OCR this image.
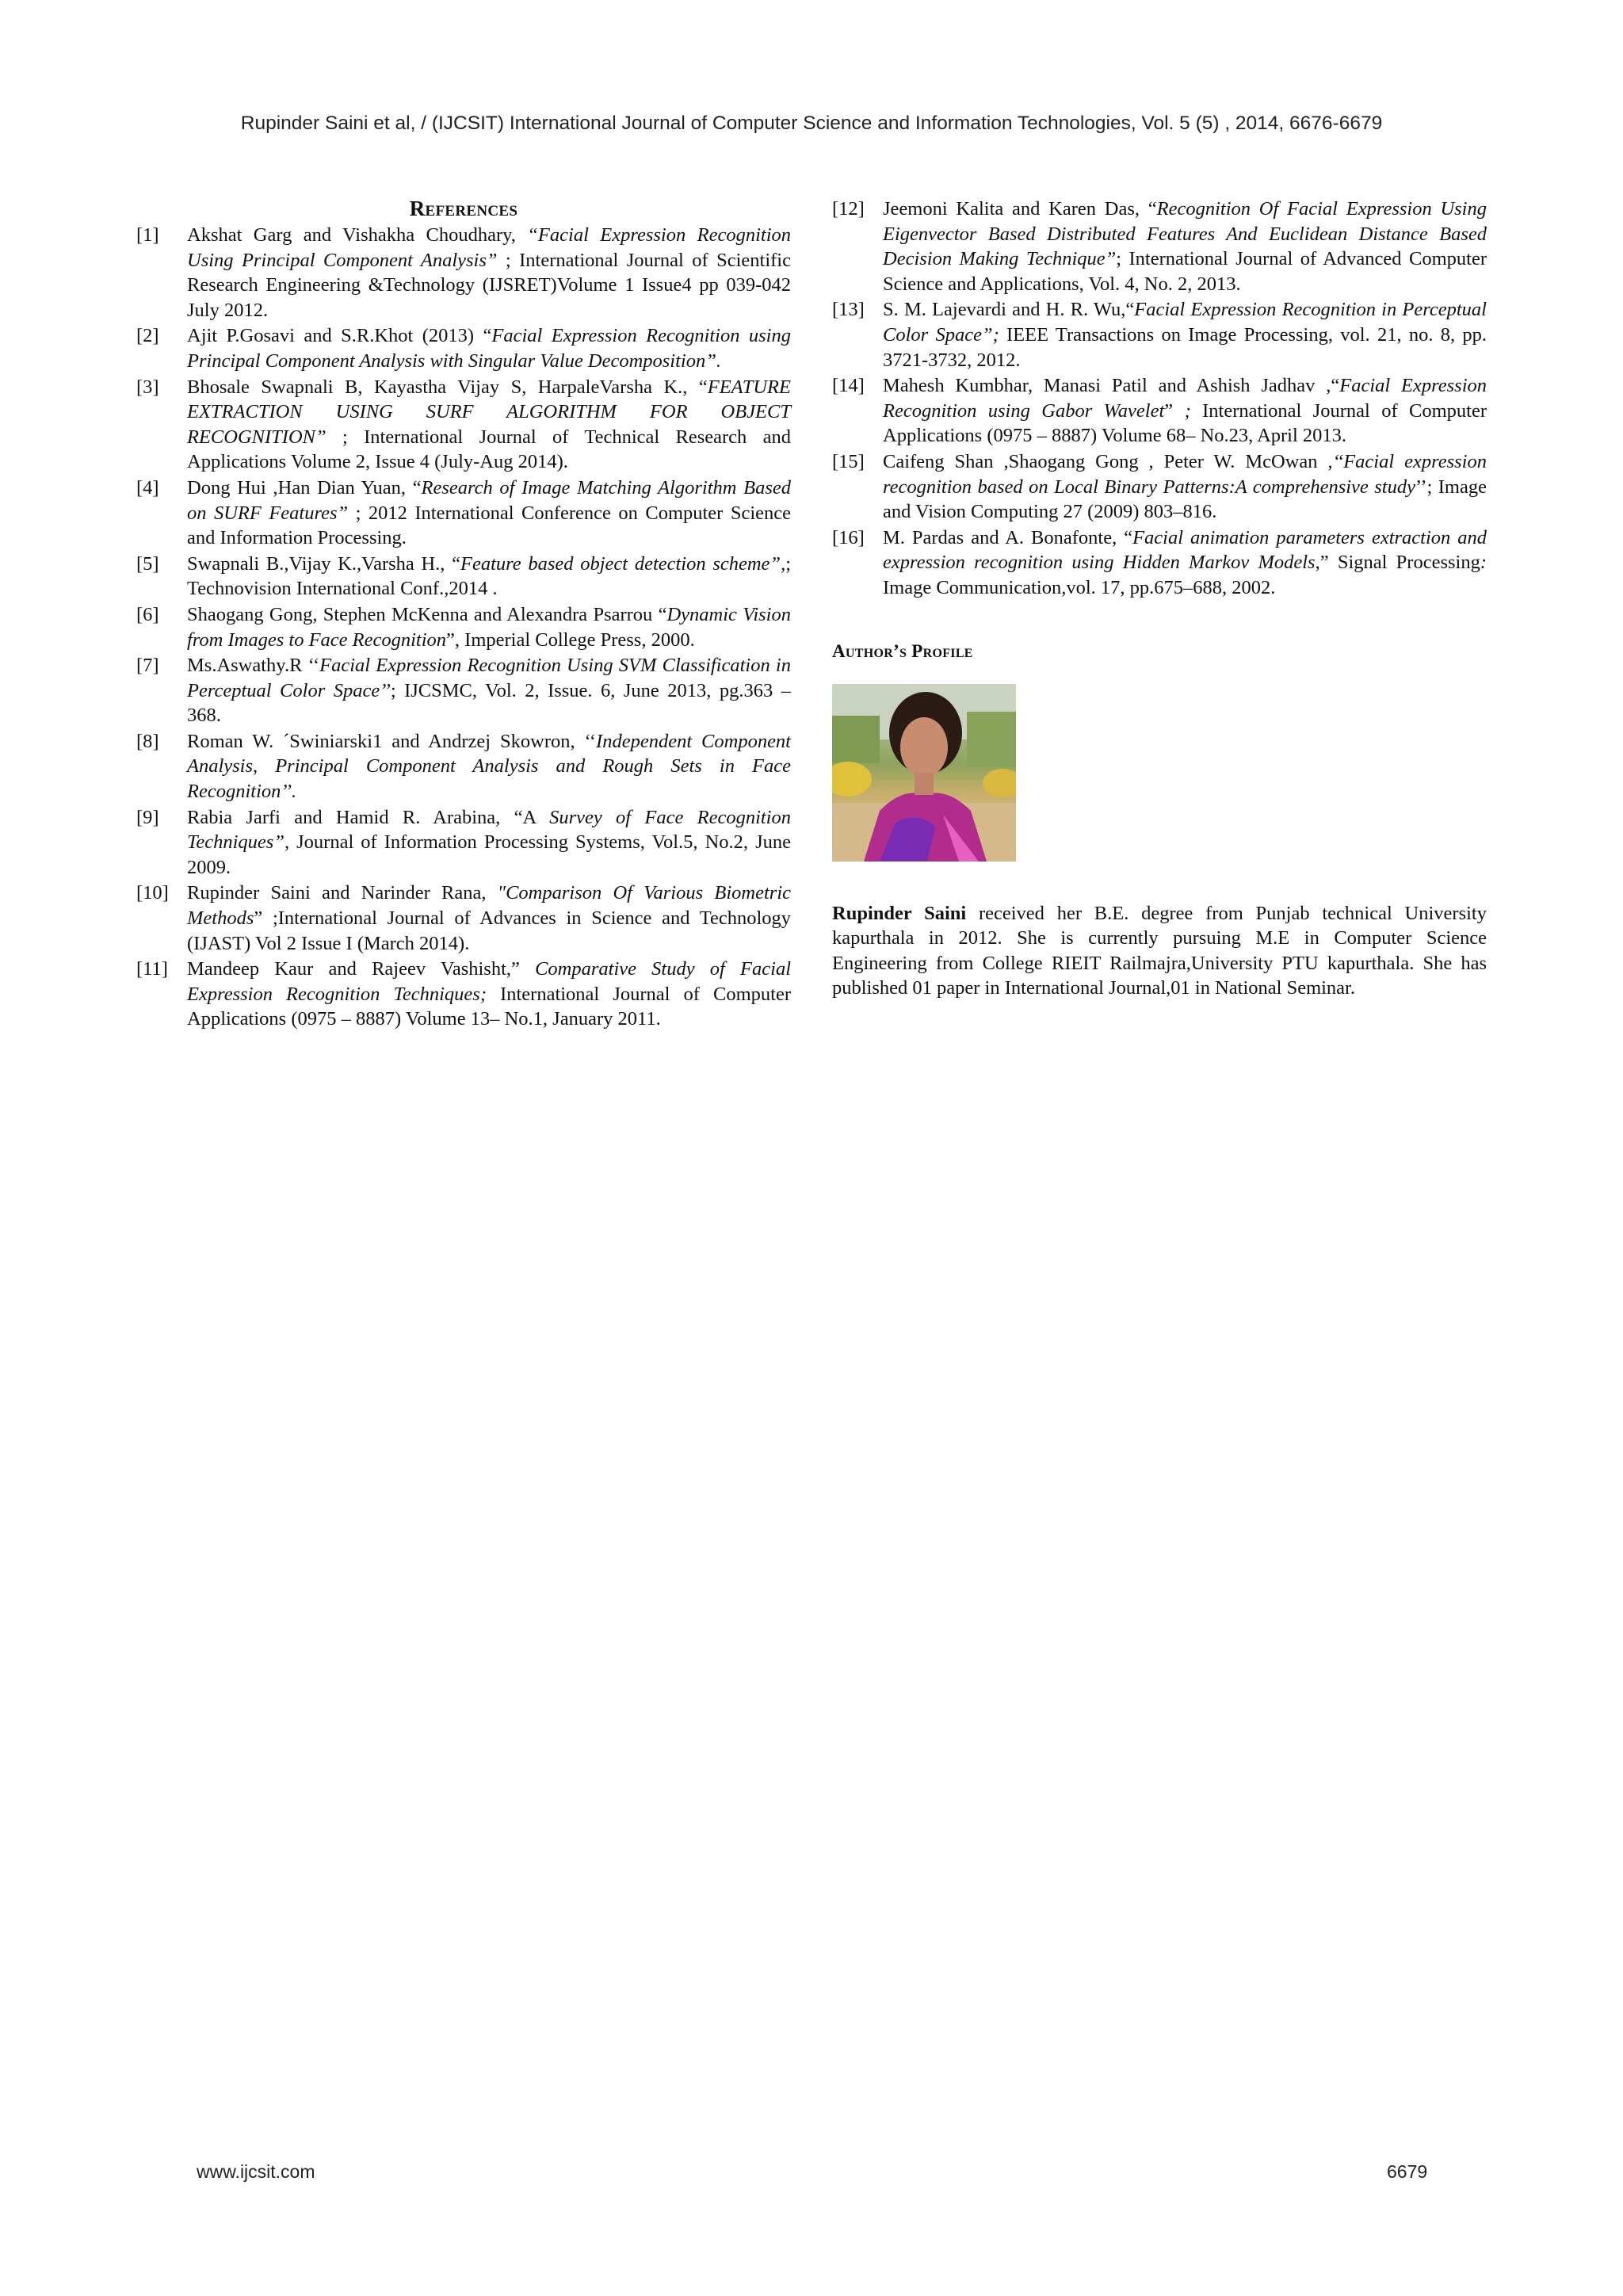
Rupinder Saini et al, / (IJCSIT) International Journal of Computer Science and Information Technologies, Vol. 5 (5) , 2014, 6676-6679
References
[1] Akshat Garg and Vishakha Choudhary, “Facial Expression Recognition Using Principal Component Analysis” ; International Journal of Scientific Research Engineering &Technology (IJSRET)Volume 1 Issue4 pp 039-042 July 2012.
[2] Ajit P.Gosavi and S.R.Khot (2013) “Facial Expression Recognition using Principal Component Analysis with Singular Value Decomposition”.
[3] Bhosale Swapnali B, Kayastha Vijay S, HarpaleVarsha K., “FEATURE EXTRACTION USING SURF ALGORITHM FOR OBJECT RECOGNITION” ; International Journal of Technical Research and Applications Volume 2, Issue 4 (July-Aug 2014).
[4] Dong Hui ,Han Dian Yuan, “Research of Image Matching Algorithm Based on SURF Features” ; 2012 International Conference on Computer Science and Information Processing.
[5] Swapnali B.,Vijay K.,Varsha H., “Feature based object detection scheme”,; Technovision International Conf.,2014 .
[6] Shaogang Gong, Stephen McKenna and Alexandra Psarrou “Dynamic Vision from Images to Face Recognition”, Imperial College Press, 2000.
[7] Ms.Aswathy.R ‘‘Facial Expression Recognition Using SVM Classification in Perceptual Color Space’’; IJCSMC, Vol. 2, Issue. 6, June 2013, pg.363 – 368.
[8] Roman W. ´Swiniarski1 and Andrzej Skowron, ‘‘Independent Component Analysis, Principal Component Analysis and Rough Sets in Face Recognition’’.
[9] Rabia Jarfi and Hamid R. Arabina, “A Survey of Face Recognition Techniques”, Journal of Information Processing Systems, Vol.5, No.2, June 2009.
[10] Rupinder Saini and Narinder Rana, "Comparison Of Various Biometric Methods” ;International Journal of Advances in Science and Technology (IJAST) Vol 2 Issue I (March 2014).
[11] Mandeep Kaur and Rajeev Vashisht,” Comparative Study of Facial Expression Recognition Techniques; International Journal of Computer Applications (0975 – 8887) Volume 13– No.1, January 2011.
[12] Jeemoni Kalita and Karen Das, “Recognition Of Facial Expression Using Eigenvector Based Distributed Features And Euclidean Distance Based Decision Making Technique”; International Journal of Advanced Computer Science and Applications, Vol. 4, No. 2, 2013.
[13] S. M. Lajevardi and H. R. Wu,“Facial Expression Recognition in Perceptual Color Space”; IEEE Transactions on Image Processing, vol. 21, no. 8, pp. 3721-3732, 2012.
[14] Mahesh Kumbhar, Manasi Patil and Ashish Jadhav ,“Facial Expression Recognition using Gabor Wavelet” ; International Journal of Computer Applications (0975 – 8887) Volume 68– No.23, April 2013.
[15] Caifeng Shan ,Shaogang Gong , Peter W. McOwan ,‘‘Facial expression recognition based on Local Binary Patterns:A comprehensive study’’; Image and Vision Computing 27 (2009) 803–816.
[16] M. Pardas and A. Bonafonte, “Facial animation parameters extraction and expression recognition using Hidden Markov Models,” Signal Processing: Image Communication,vol. 17, pp.675–688, 2002.
Author’s Profile
Rupinder Saini received her B.E. degree from Punjab technical University kapurthala in 2012. She is currently pursuing M.E in Computer Science Engineering from College RIEIT Railmajra,University PTU kapurthala. She has published 01 paper in International Journal,01 in National Seminar.
www.ijcsit.com	6679
